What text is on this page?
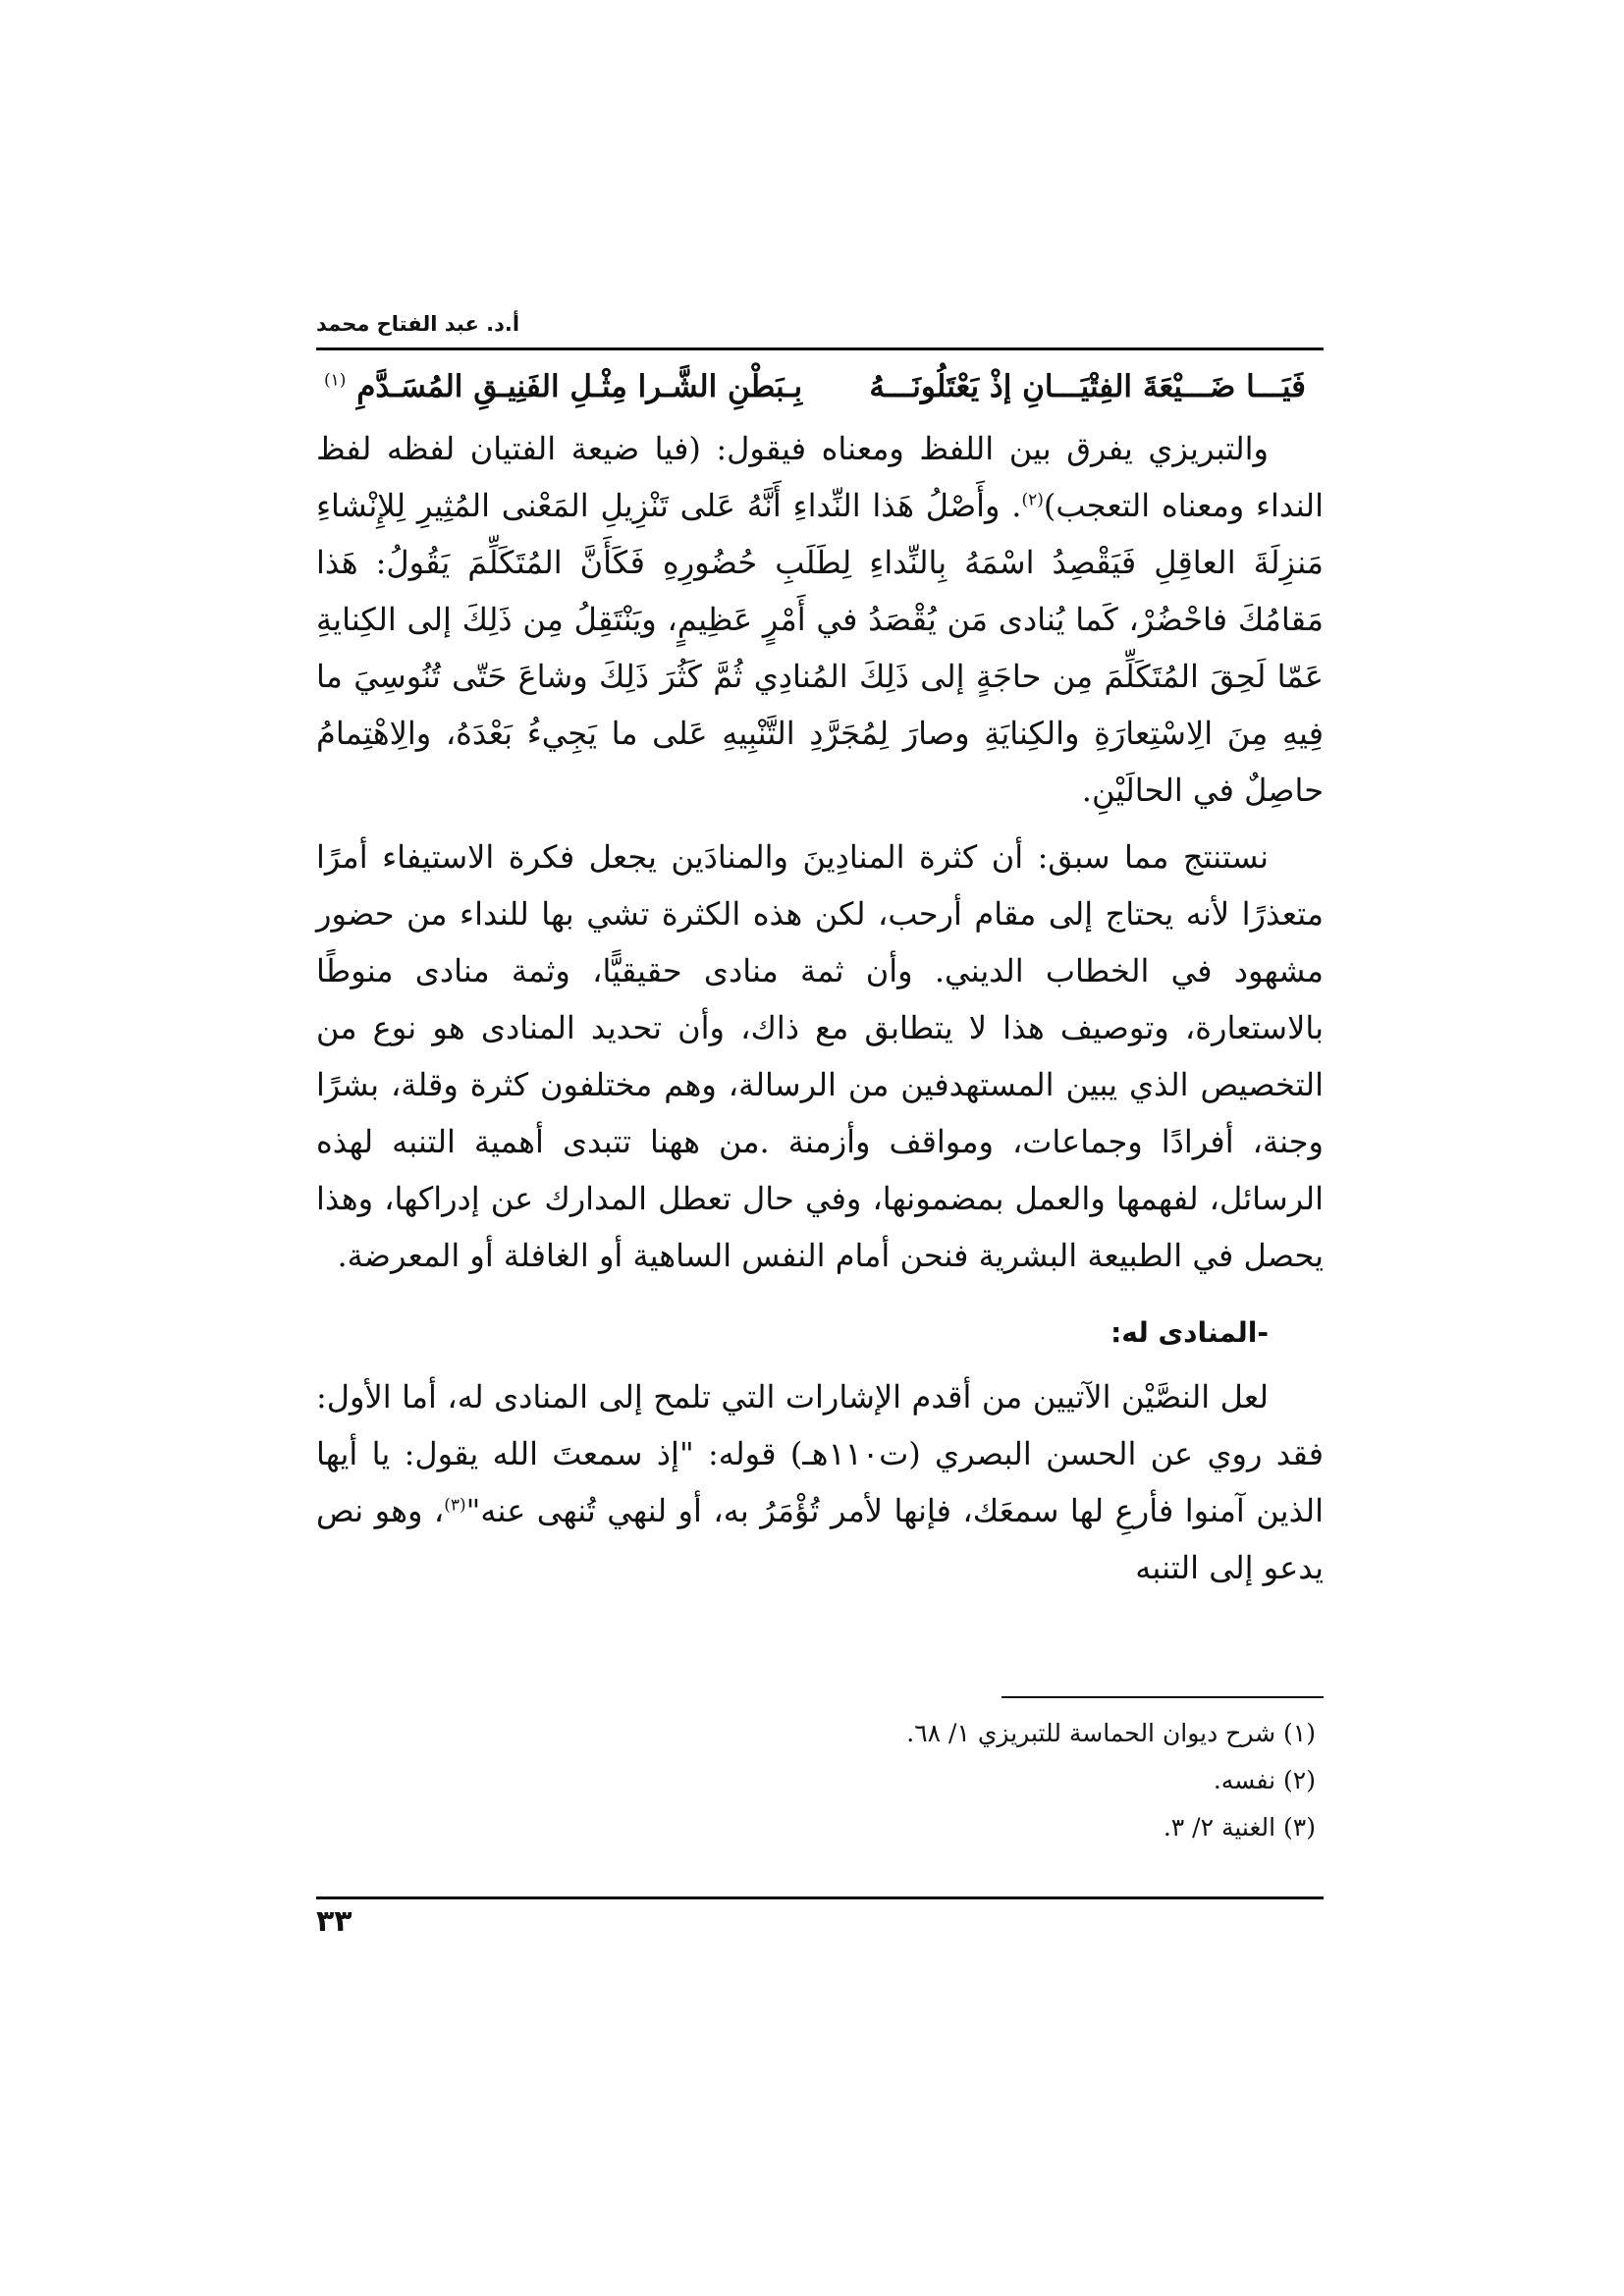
أ.د. عبد الفتاح محمد
فَيَـــا ضَـــيْعَةَ الفِتْيَـــانِ إذْ يَعْتَلُونَـــهُ
بِـبَطْنِ الشَّـرا مِثْـلِ الفَنِيـقِ المُسَـدَّمِ $^{(١)}$

والتبريزي يفرق بين اللفظ ومعناه فيقول: (فيا ضيعة الفتيان لفظه لفظ النداء ومعناه التعجب)$^{(٢)}$. وأَصْلُ هَذا النِّداءِ أَنَّهُ عَلى تَنْزِيلِ المَعْنى المُثِيرِ لِلإِنْشاءِ مَنزِلَةَ العاقِلِ فَيَقْصِدُ اسْمَهُ بِالنِّداءِ لِطَلَبِ حُضُورِهِ فَكَأَنَّ المُتَكَلِّمَ يَقُولُ: هَذا مَقامُكَ فاحْضُرْ، كَما يُنادى مَن يُقْصَدُ في أَمْرٍ عَظِيمٍ، ويَنْتَقِلُ مِن ذَلِكَ إلى الكِنايةِ عَمّا لَحِقَ المُتَكَلِّمَ مِن حاجَةٍ إلى ذَلِكَ المُنادِي ثُمَّ كَثُرَ ذَلِكَ وشاعَ حَتّى تُنُوسِيَ ما فِيهِ مِنَ الِاسْتِعارَةِ والكِنايَةِ وصارَ لِمُجَرَّدِ التَّنْبِيهِ عَلى ما يَجِيءُ بَعْدَهُ، والِاهْتِمامُ حاصِلٌ في الحالَيْنِ.

نستنتج مما سبق: أن كثرة المنادِينَ والمنادَين يجعل فكرة الاستيفاء أمرًا متعذرًا لأنه يحتاج إلى مقام أرحب، لكن هذه الكثرة تشي بها للنداء من حضور مشهود في الخطاب الديني. وأن ثمة منادى حقيقيًّا، وثمة منادى منوطًا بالاستعارة، وتوصيف هذا لا يتطابق مع ذاك، وأن تحديد المنادى هو نوع من التخصيص الذي يبين المستهدفين من الرسالة، وهم مختلفون كثرة وقلة، بشرًا وجنة، أفرادًا وجماعات، ومواقف وأزمنة .من ههنا تتبدى أهمية التنبه لهذه الرسائل، لفهمها والعمل بمضمونها، وفي حال تعطل المدارك عن إدراكها، وهذا يحصل في الطبيعة البشرية فنحن أمام النفس الساهية أو الغافلة أو المعرضة.

-المنادى له:

لعل النصَّيْن الآتيين من أقدم الإشارات التي تلمح إلى المنادى له، أما الأول: فقد روي عن الحسن البصري (ت١١٠هـ) قوله: "إذ سمعتَ الله يقول: يا أيها الذين آمنوا فأرعِ لها سمعَك، فإنها لأمر تُؤْمَرُ به، أو لنهي تُنهى عنه"$^{(٣)}$، وهو نص يدعو إلى التنبه

(١) شرح ديوان الحماسة للتبريزي ١/ ٦٨.
(٢) نفسه.
(٣) الغنية ٢/ ٣.
٣٣
